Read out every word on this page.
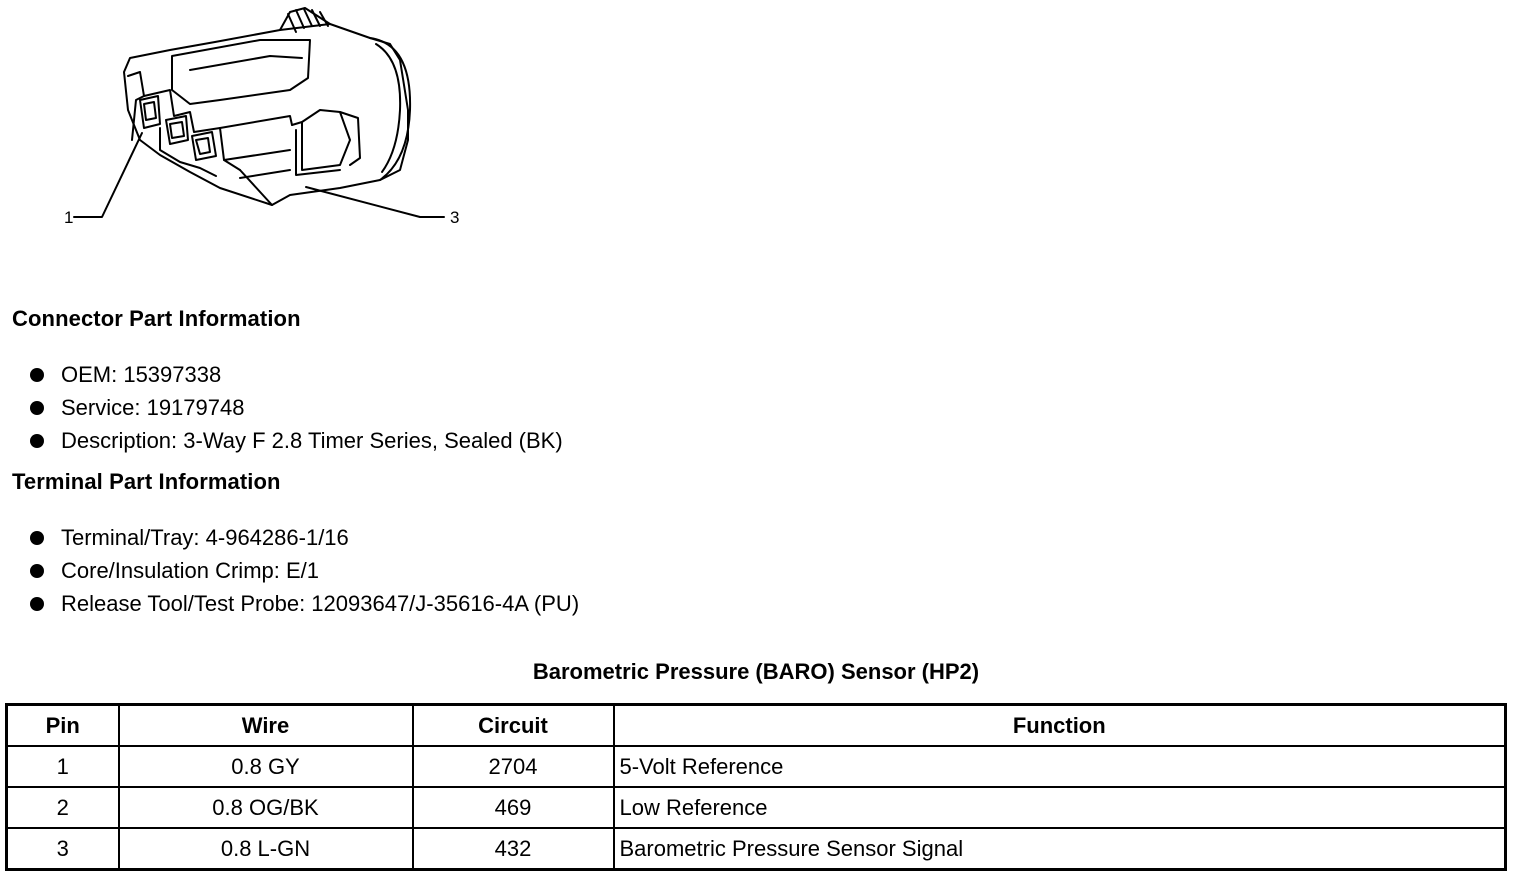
1	3
Connector Part Information
OEM: 15397338
Service: 19179748
Description: 3-Way F 2.8 Timer Series, Sealed (BK)
Terminal Part Information
Terminal/Tray: 4-964286-1/16
Core/Insulation Crimp: E/1
Release Tool/Test Probe: 12093647/J-35616-4A (PU)
Barometric Pressure (BARO) Sensor (HP2)
Pin	Wire	Circuit	Function
1	0.8 GY	2704	5-Volt Reference
2	0.8 OG/BK	469	Low Reference
3	0.8 L-GN	432	Barometric Pressure Sensor Signal
